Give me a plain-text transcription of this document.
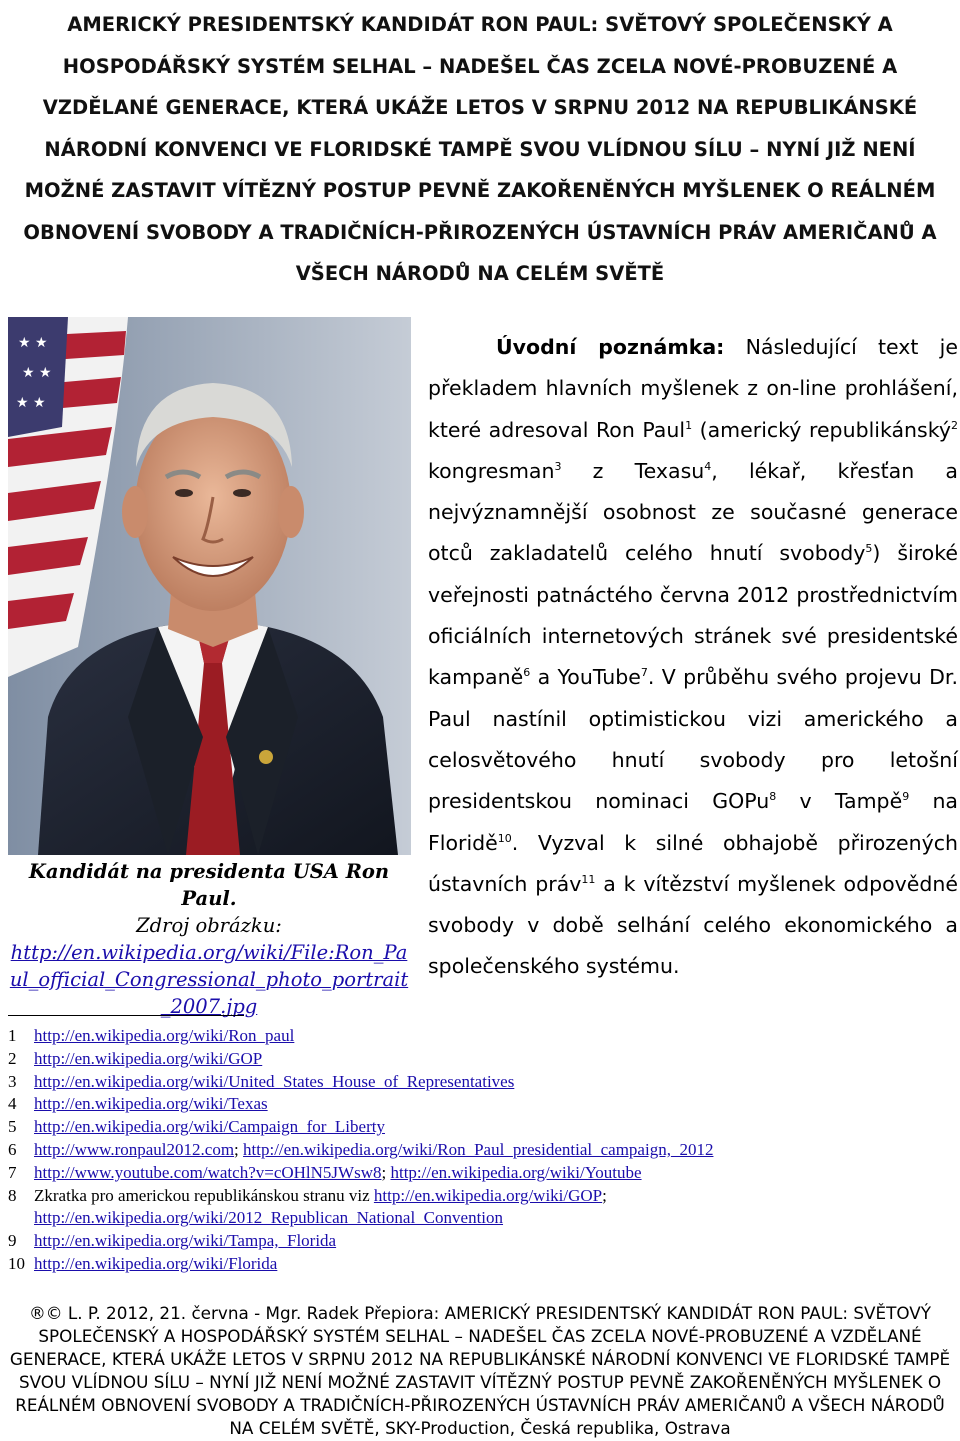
AMERICKÝ PRESIDENTSKÝ KANDIDÁT RON PAUL: SVĚTOVÝ SPOLEČENSKÝ A HOSPODÁŘSKÝ SYSTÉM SELHAL – NADEŠEL ČAS ZCELA NOVÉ-PROBUZENÉ A VZDĚLANÉ GENERACE, KTERÁ UKÁŽE LETOS V SRPNU 2012 NA REPUBLIKÁNSKÉ NÁRODNÍ KONVENCI VE FLORIDSKÉ TAMPĚ SVOU VLÍDNOU SÍLU – NYNÍ JIŽ NENÍ MOŽNÉ ZASTAVIT VÍTĚZNÝ POSTUP PEVNĚ ZAKOŘENĚNÝCH MYŠLENEK O REÁLNÉM OBNOVENÍ SVOBODY A TRADIČNÍCH-PŘIROZENÝCH ÚSTAVNÍCH PRÁV AMERIČANŮ A VŠECH NÁRODŮ NA CELÉM SVĚTĚ
★ ★
★ ★
★ ★
Kandidát na presidenta USA Ron Paul.
Zdroj obrázku:
http://en.wikipedia.org/wiki/File:Ron_Paul_official_Congressional_photo_portrait_2007.jpg

Úvodní poznámka: Následující text je překladem hlavních myšlenek z on-line prohlášení, které adresoval Ron Paul$^1$ (americký republikánský$^2$ kongresman$^3$ z Texasu$^4$, lékař, křesťan a nejvýznamnější osobnost ze současné generace otců zakladatelů celého hnutí svobody$^5$) široké veřejnosti patnáctého června 2012 prostřednictvím oficiálních internetových stránek své presidentské kampaně$^6$ a YouTube$^7$. V průběhu svého projevu Dr. Paul nastínil optimistickou vizi amerického a celosvětového hnutí svobody pro letošní presidentskou nominaci GOPu$^8$ v Tampě$^9$ na Floridě$^{10}$. Vyzval k silné obhajobě přirozených ústavních práv$^{11}$ a k vítězství myšlenek odpovědné svobody v době selhání celého ekonomického a společenského systému.

1	http://en.wikipedia.org/wiki/Ron_paul
2	http://en.wikipedia.org/wiki/GOP
3	http://en.wikipedia.org/wiki/United_States_House_of_Representatives
4	http://en.wikipedia.org/wiki/Texas
5	http://en.wikipedia.org/wiki/Campaign_for_Liberty
6	http://www.ronpaul2012.com; http://en.wikipedia.org/wiki/Ron_Paul_presidential_campaign,_2012
7	http://www.youtube.com/watch?v=cOHlN5JWsw8; http://en.wikipedia.org/wiki/Youtube
8	Zkratka pro americkou republikánskou stranu viz http://en.wikipedia.org/wiki/GOP;
http://en.wikipedia.org/wiki/2012_Republican_National_Convention
9	http://en.wikipedia.org/wiki/Tampa,_Florida
10 http://en.wikipedia.org/wiki/Florida
®© L. P. 2012, 21. června - Mgr. Radek Přepiora: AMERICKÝ PRESIDENTSKÝ KANDIDÁT RON PAUL: SVĚTOVÝ SPOLEČENSKÝ A HOSPODÁŘSKÝ SYSTÉM SELHAL – NADEŠEL ČAS ZCELA NOVÉ-PROBUZENÉ A VZDĚLANÉ GENERACE, KTERÁ UKÁŽE LETOS V SRPNU 2012 NA REPUBLIKÁNSKÉ NÁRODNÍ KONVENCI VE FLORIDSKÉ TAMPĚ SVOU VLÍDNOU SÍLU – NYNÍ JIŽ NENÍ MOŽNÉ ZASTAVIT VÍTĚZNÝ POSTUP PEVNĚ ZAKOŘENĚNÝCH MYŠLENEK O REÁLNÉM OBNOVENÍ SVOBODY A TRADIČNÍCH-PŘIROZENÝCH ÚSTAVNÍCH PRÁV AMERIČANŮ A VŠECH NÁRODŮ NA CELÉM SVĚTĚ, SKY-Production, Česká republika, Ostrava
